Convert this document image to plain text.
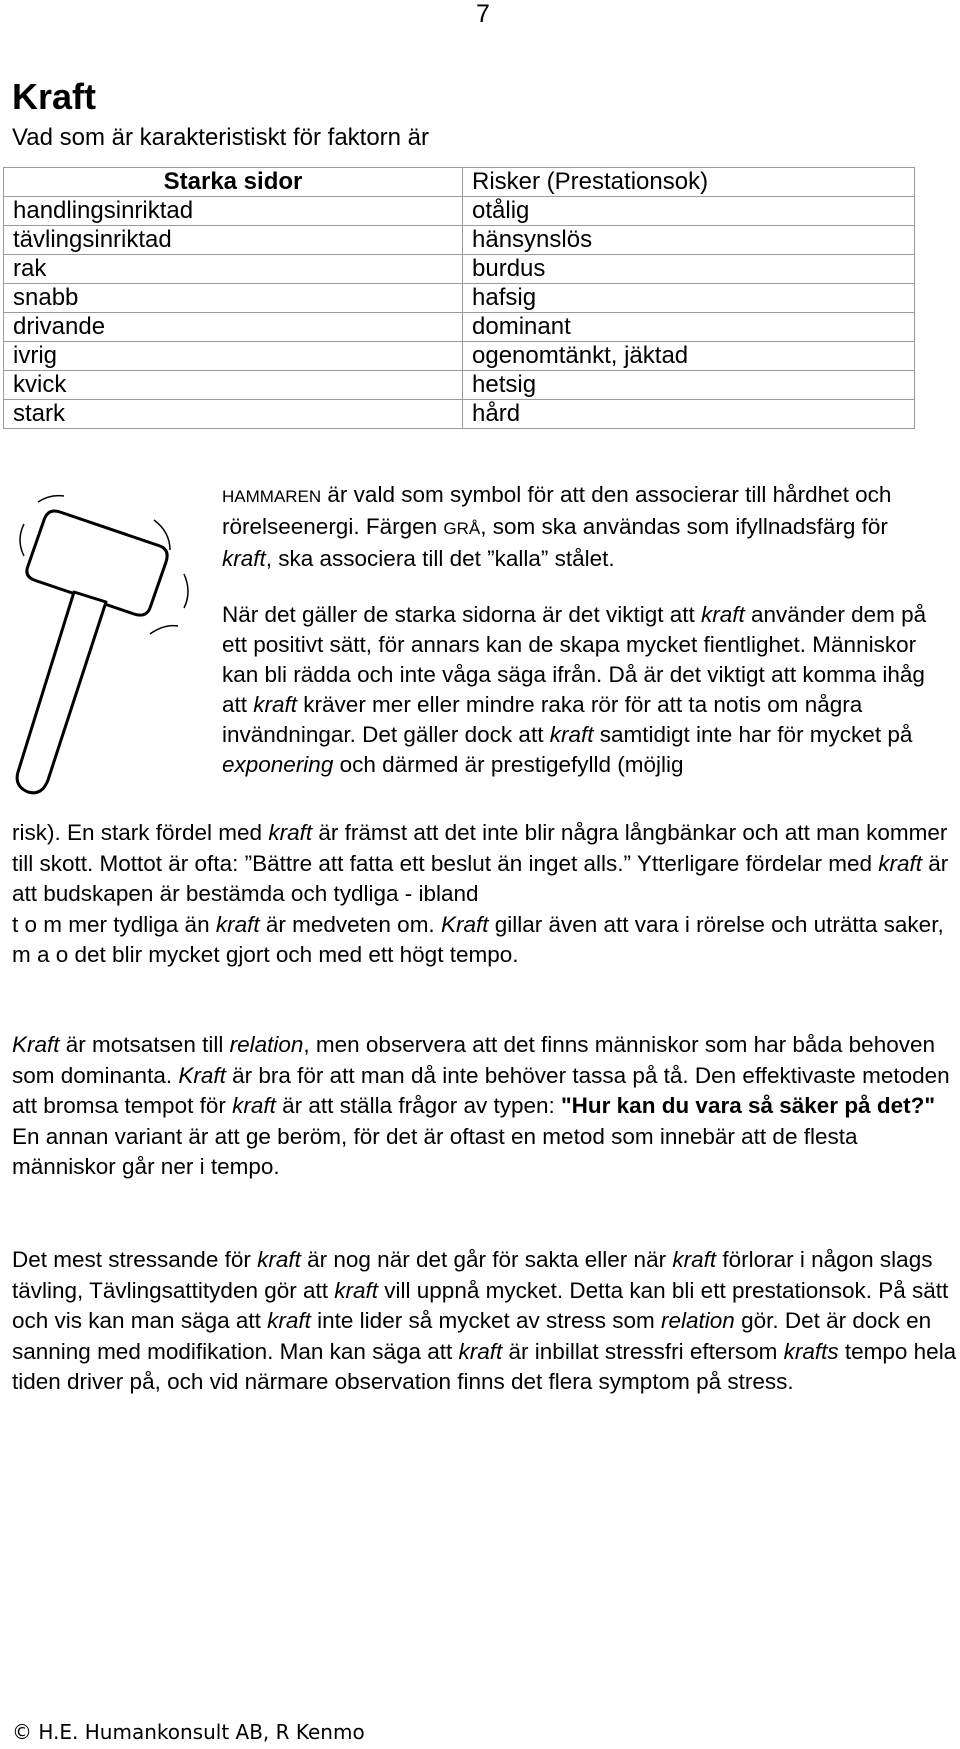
7
Kraft
Vad som är karakteristiskt för faktorn är
Starka sidor	Risker (Prestationsok)
handlingsinriktad	otålig
tävlingsinriktad	hänsynslös
rak	burdus
snabb	hafsig
drivande	dominant
ivrig	ogenomtänkt, jäktad
kvick	hetsig
stark	hård
HAMMAREN är vald som symbol för att den associerar till hårdhet och rörelseenergi. Färgen GRÅ, som ska användas som ifyllnadsfärg för kraft, ska associera till det ”kalla” stålet.
När det gäller de starka sidorna är det viktigt att kraft använder dem på ett positivt sätt, för annars kan de skapa mycket fientlighet. Människor kan bli rädda och inte våga säga ifrån. Då är det viktigt att komma ihåg att kraft kräver mer eller mindre raka rör för att ta notis om några invändningar. Det gäller dock att kraft samtidigt inte har för mycket på exponering och därmed är prestigefylld (möjlig
risk). En stark fördel med kraft är främst att det inte blir några långbänkar och att man kommer till skott. Mottot är ofta: ”Bättre att fatta ett beslut än inget alls.” Ytterligare fördelar med kraft är att budskapen är bestämda och tydliga - ibland
t o m mer tydliga än kraft är medveten om. Kraft gillar även att vara i rörelse och uträtta saker, m a o det blir mycket gjort och med ett högt tempo.
Kraft är motsatsen till relation, men observera att det finns människor som har båda behoven som dominanta. Kraft är bra för att man då inte behöver tassa på tå. Den effektivaste metoden att bromsa tempot för kraft är att ställa frågor av typen: "Hur kan du vara så säker på det?" En annan variant är att ge beröm, för det är oftast en metod som innebär att de flesta människor går ner i tempo.
Det mest stressande för kraft är nog när det går för sakta eller när kraft förlorar i någon slags tävling, Tävlingsattityden gör att kraft vill uppnå mycket. Detta kan bli ett prestationsok. På sätt och vis kan man säga att kraft inte lider så mycket av stress som relation gör. Det är dock en sanning med modifikation. Man kan säga att kraft är inbillat stressfri eftersom krafts tempo hela tiden driver på, och vid närmare observation finns det flera symptom på stress.
© H.E. Humankonsult AB, R Kenmo
